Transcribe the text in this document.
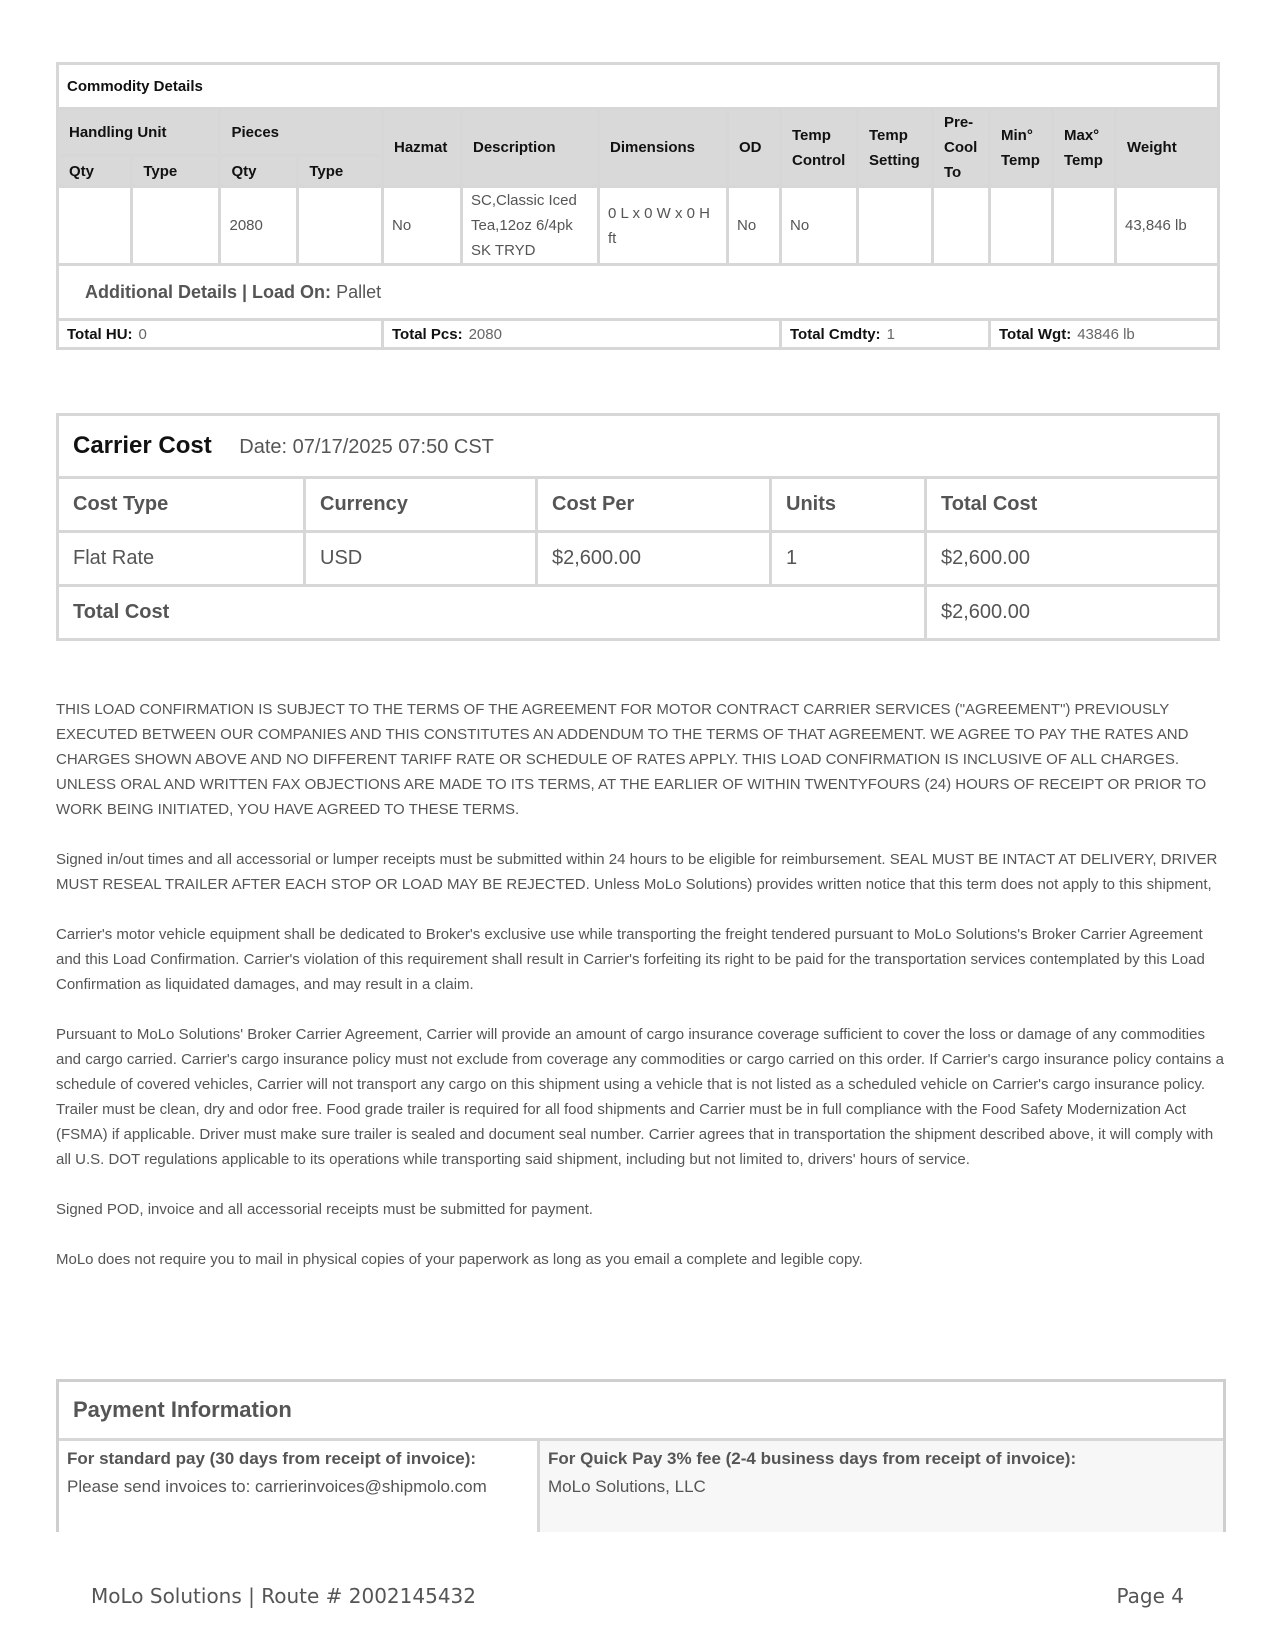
Commodity Details													
Handling Unit		Pieces		Hazmat	Description	Dimensions	OD	Temp Control	Temp Setting	Pre-Cool To	Min° Temp	Max° Temp	Weight
Qty	Type	Qty	Type										
		2080		No	SC,Classic Iced Tea,12oz 6/4pk SK TRYD	0 L x 0 W x 0 H ft	No	No					43,846 lb
Additional Details | Load On: Pallet													
Total HU: 0				Total Pcs: 2080				Total Cmdty: 1			Total Wgt: 43846 lb		
Carrier Cost Date: 07/17/2025 07:50 CST				
Cost Type	Currency	Cost Per	Units	Total Cost
Flat Rate	USD	$2,600.00	1	$2,600.00
Total Cost				$2,600.00

THIS LOAD CONFIRMATION IS SUBJECT TO THE TERMS OF THE AGREEMENT FOR MOTOR CONTRACT CARRIER SERVICES ("AGREEMENT") PREVIOUSLY EXECUTED BETWEEN OUR COMPANIES AND THIS CONSTITUTES AN ADDENDUM TO THE TERMS OF THAT AGREEMENT. WE AGREE TO PAY THE RATES AND CHARGES SHOWN ABOVE AND NO DIFFERENT TARIFF RATE OR SCHEDULE OF RATES APPLY. THIS LOAD CONFIRMATION IS INCLUSIVE OF ALL CHARGES. UNLESS ORAL AND WRITTEN FAX OBJECTIONS ARE MADE TO ITS TERMS, AT THE EARLIER OF WITHIN TWENTYFOURS (24) HOURS OF RECEIPT OR PRIOR TO WORK BEING INITIATED, YOU HAVE AGREED TO THESE TERMS.

Signed in/out times and all accessorial or lumper receipts must be submitted within 24 hours to be eligible for reimbursement. SEAL MUST BE INTACT AT DELIVERY, DRIVER MUST RESEAL TRAILER AFTER EACH STOP OR LOAD MAY BE REJECTED. Unless MoLo Solutions) provides written notice that this term does not apply to this shipment,

Carrier's motor vehicle equipment shall be dedicated to Broker's exclusive use while transporting the freight tendered pursuant to MoLo Solutions's Broker Carrier Agreement and this Load Confirmation. Carrier's violation of this requirement shall result in Carrier's forfeiting its right to be paid for the transportation services contemplated by this Load Confirmation as liquidated damages, and may result in a claim.

Pursuant to MoLo Solutions' Broker Carrier Agreement, Carrier will provide an amount of cargo insurance coverage sufficient to cover the loss or damage of any commodities and cargo carried. Carrier's cargo insurance policy must not exclude from coverage any commodities or cargo carried on this order. If Carrier's cargo insurance policy contains a schedule of covered vehicles, Carrier will not transport any cargo on this shipment using a vehicle that is not listed as a scheduled vehicle on Carrier's cargo insurance policy. Trailer must be clean, dry and odor free. Food grade trailer is required for all food shipments and Carrier must be in full compliance with the Food Safety Modernization Act (FSMA) if applicable. Driver must make sure trailer is sealed and document seal number. Carrier agrees that in transportation the shipment described above, it will comply with all U.S. DOT regulations applicable to its operations while transporting said shipment, including but not limited to, drivers' hours of service.

Signed POD, invoice and all accessorial receipts must be submitted for payment.

MoLo does not require you to mail in physical copies of your paperwork as long as you email a complete and legible copy.

Payment Information
For standard pay (30 days from receipt of invoice):
Please send invoices to: carrierinvoices@shipmolo.com
For Quick Pay 3% fee (2-4 business days from receipt of invoice):
MoLo Solutions, LLC
MoLo Solutions | Route # 2002145432	Page 4
